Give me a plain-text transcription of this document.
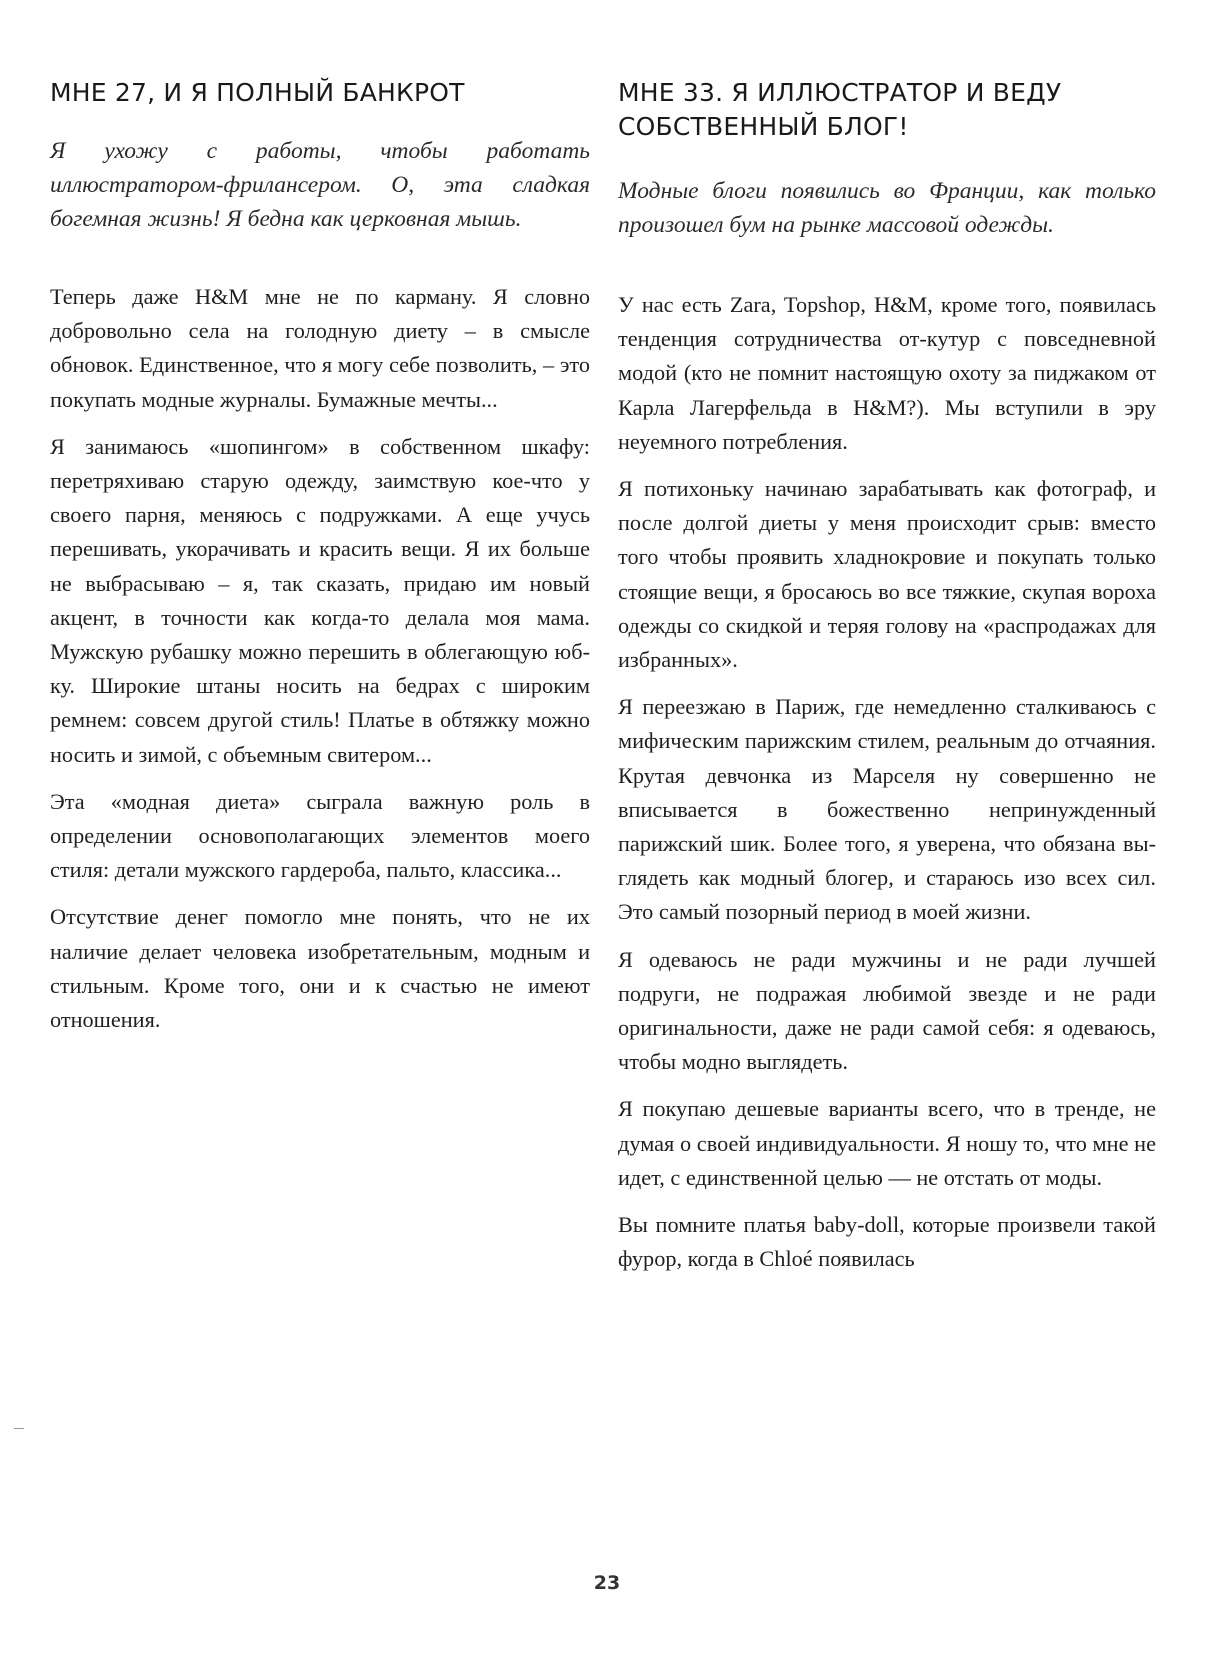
МНЕ 27, И Я ПОЛНЫЙ БАНКРОТ

Я ухожу с работы, чтобы работать иллюстратором-фрилансером. О, эта сладкая богемная жизнь! Я бедна как церковная мышь.

Теперь даже H&M мне не по карману. Я словно добровольно села на голодную диету – в смысле обновок. Единственное, что я могу себе позволить, – это покупать модные журналы. Бумажные мечты...

Я занимаюсь «шопингом» в собственном шкафу: перетряхиваю старую одежду, заимствую кое-что у своего парня, меняюсь с подружками. А еще учусь перешивать, укорачивать и красить вещи. Я их больше не выбрасываю – я, так сказать, придаю им новый акцент, в точности как когда-то делала моя мама. Мужскую рубашку можно перешить в облегающую юбку. Широкие штаны носить на бедрах с широким ремнем: совсем другой стиль! Платье в обтяжку можно носить и зимой, с объемным свитером...

Эта «модная диета» сыграла важную роль в определении основополагающих элементов моего стиля: детали мужского гардероба, пальто, классика...

Отсутствие денег помогло мне понять, что не их наличие делает человека изобретательным, модным и стильным. Кроме того, они и к счастью не имеют отношения.

МНЕ 33. Я ИЛЛЮСТРАТОР И ВЕДУ СОБСТВЕННЫЙ БЛОГ!

Модные блоги появились во Франции, как только произошел бум на рынке массовой одежды.

У нас есть Zara, Topshop, H&M, кроме того, появилась тенденция сотрудничества от-кутур с повседневной модой (кто не помнит настоящую охоту за пиджаком от Карла Лагерфельда в H&M?). Мы вступили в эру неуемного потребления.

Я потихоньку начинаю зарабатывать как фотограф, и после долгой диеты у меня происходит срыв: вместо того чтобы проявить хладнокровие и покупать только стоящие вещи, я бросаюсь во все тяжкие, скупая вороха одежды со скидкой и теряя голову на «распродажах для избранных».

Я переезжаю в Париж, где немедленно сталкиваюсь с мифическим парижским стилем, реальным до отчаяния. Крутая девчонка из Марселя ну совершенно не вписывается в божественно непринужденный парижский шик. Более того, я уверена, что обязана выглядеть как модный блогер, и стараюсь изо всех сил. Это самый позорный период в моей жизни.

Я одеваюсь не ради мужчины и не ради лучшей подруги, не подражая любимой звезде и не ради оригинальности, даже не ради самой себя: я одеваюсь, чтобы модно выглядеть.

Я покупаю дешевые варианты всего, что в тренде, не думая о своей индивидуальности. Я ношу то, что мне не идет, с единственной целью — не отстать от моды.

Вы помните платья baby-doll, которые произвели такой фурор, когда в Chloé появилась

23
